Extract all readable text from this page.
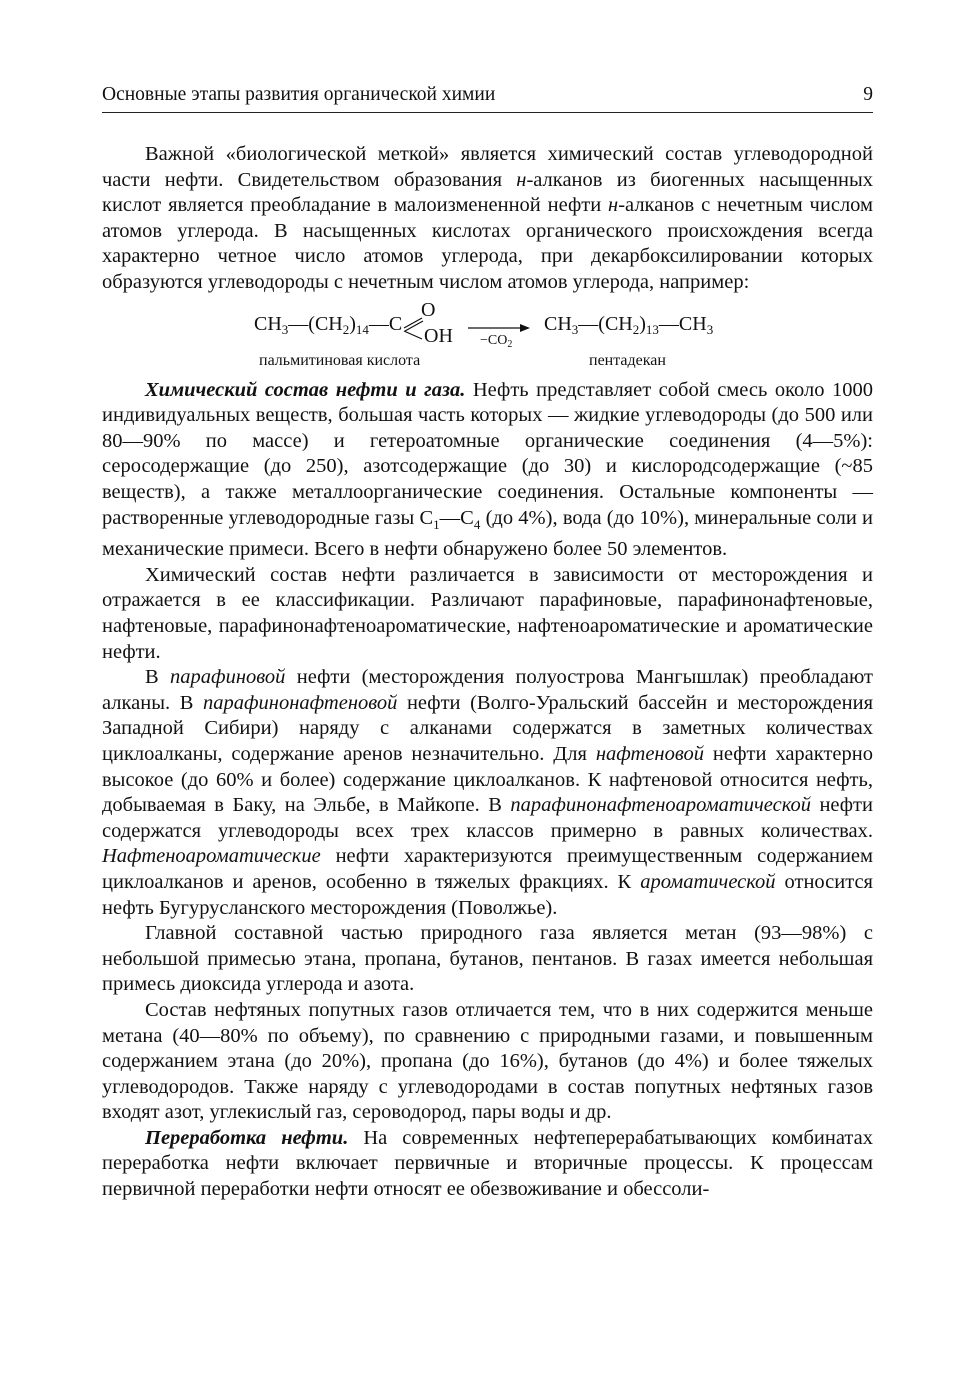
Основные этапы развития органической химии	9

Важной «биологической меткой» является химический состав углеводородной части нефти. Свидетельством образования н-алканов из биогенных насыщенных кислот является преобладание в малоизмененной нефти н-алканов с нечетным числом атомов углерода. В насыщенных кислотах органического происхождения всегда характерно четное число атомов углерода, при декарбоксилировании которых образуются углеводороды с нечетным числом атомов углерода, например:

$CH_3—(CH_2)_{14}—C$
O
OH →
$-CO_2$
$CH_3—(CH_2)_{13}—CH_3$
пальмитиновая кислота	пентадекан

Химический состав нефти и газа. Нефть представляет собой смесь около 1000 индивидуальных веществ, большая часть которых — жидкие углеводороды (до 500 или 80—90% по массе) и гетероатомные органические соединения (4—5%): серосодержащие (до 250), азотсодержащие (до 30) и кислородсодержащие (~85 веществ), а также металлоорганические соединения. Остальные компоненты — растворенные углеводородные газы $C_1—C_4$ (до 4%), вода (до 10%), минеральные соли и механические примеси. Всего в нефти обнаружено более 50 элементов.

Химический состав нефти различается в зависимости от месторождения и отражается в ее классификации. Различают парафиновые, парафинонафтеновые, нафтеновые, парафинонафтеноароматические, нафтеноароматические и ароматические нефти.

В парафиновой нефти (месторождения полуострова Мангышлак) преобладают алканы. В парафинонафтеновой нефти (Волго-Уральский бассейн и месторождения Западной Сибири) наряду с алканами содержатся в заметных количествах циклоалканы, содержание аренов незначительно. Для нафтеновой нефти характерно высокое (до 60% и более) содержание циклоалканов. К нафтеновой относится нефть, добываемая в Баку, на Эльбе, в Майкопе. В парафинонафтеноароматической нефти содержатся углеводороды всех трех классов примерно в равных количествах. Нафтеноароматические нефти характеризуются преимущественным содержанием циклоалканов и аренов, особенно в тяжелых фракциях. К ароматической относится нефть Бугурусланского месторождения (Поволжье).

Главной составной частью природного газа является метан (93—98%) с небольшой примесью этана, пропана, бутанов, пентанов. В газах имеется небольшая примесь диоксида углерода и азота.

Состав нефтяных попутных газов отличается тем, что в них содержится меньше метана (40—80% по объему), по сравнению с природными газами, и повышенным содержанием этана (до 20%), пропана (до 16%), бутанов (до 4%) и более тяжелых углеводородов. Также наряду с углеводородами в состав попутных нефтяных газов входят азот, углекислый газ, сероводород, пары воды и др.

Переработка нефти. На современных нефтеперерабатывающих комбинатах переработка нефти включает первичные и вторичные процессы. К процессам первичной переработки нефти относят ее обезвоживание и обессоли-
